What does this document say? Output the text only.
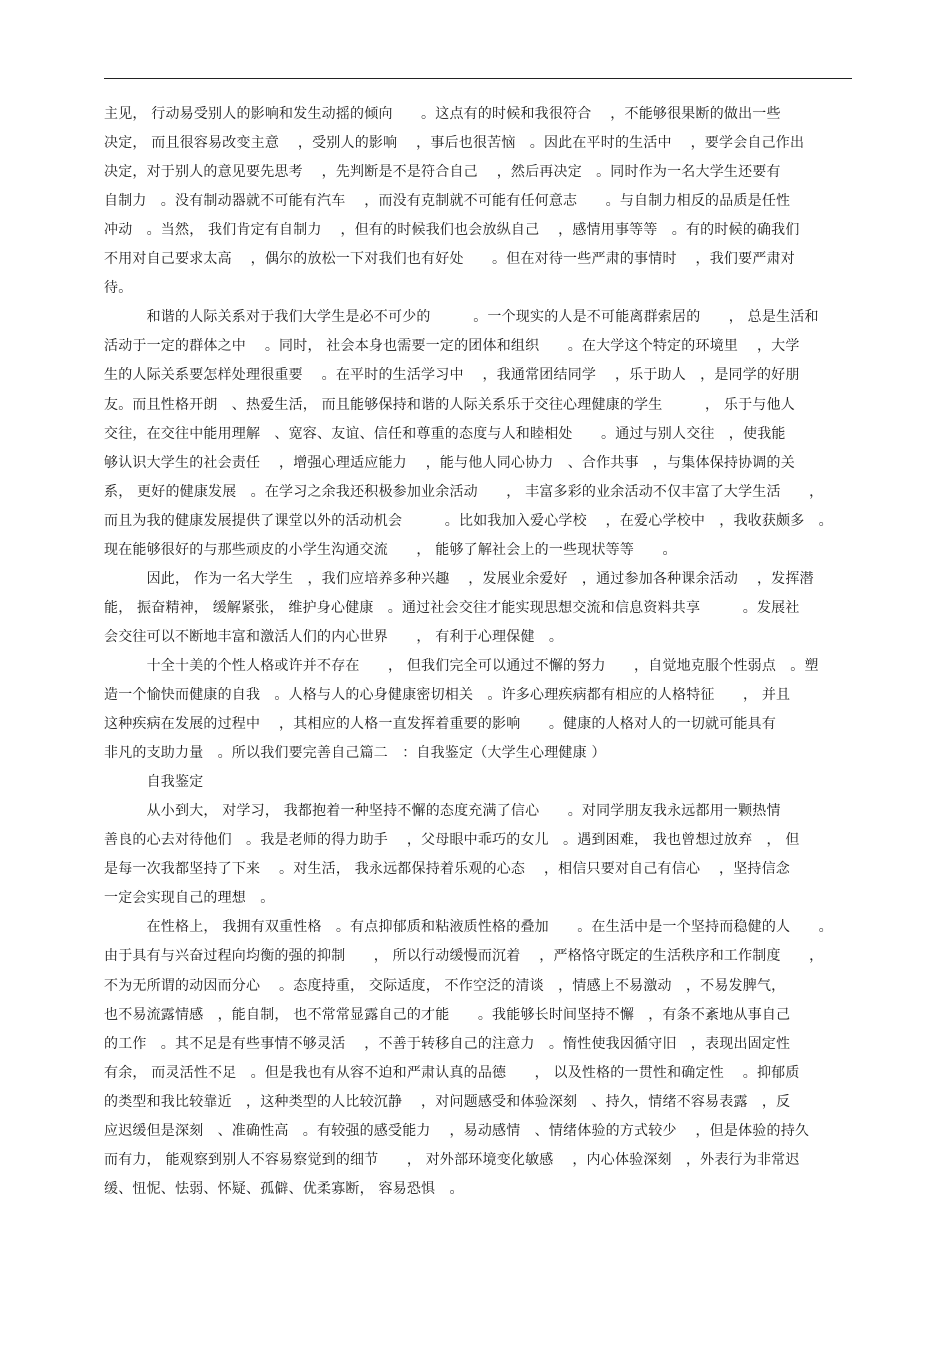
主见， 行动易受别人的影响和发生动摇的倾向　　。这点有的时候和我很符合　 ，不能够很果断的做出一些
决定， 而且很容易改变主意　 ，受别人的影响　 ，事后也很苦恼　。因此在平时的生活中　 ，要学会自己作出
决定，对于别人的意见要先思考　 ，先判断是不是符合自己　 ，然后再决定　。同时作为一名大学生还要有
自制力　。没有制动器就不可能有汽车　 ，而没有克制就不可能有任何意志　　。与自制力相反的品质是任性
冲动　。当然， 我们肯定有自制力　 ，但有的时候我们也会放纵自己　 ，感情用事等等　。有的时候的确我们
不用对自己要求太高　 ，偶尔的放松一下对我们也有好处　　。但在对待一些严肃的事情时　 ，我们要严肃对
待。
　　　和谐的人际关系对于我们大学生是必不可少的　　　。一个现实的人是不可能离群索居的　　， 总是生活和
活动于一定的群体之中　 。同时， 社会本身也需要一定的团体和组织　　。在大学这个特定的环境里　 ，大学
生的人际关系要怎样处理很重要　 。在平时的生活学习中　 ，我通常团结同学　 ，乐于助人　，是同学的好朋
友。而且性格开朗　、热爱生活， 而且能够保持和谐的人际关系乐于交往心理健康的学生　　　， 乐于与他人
交往，在交往中能用理解　、宽容、友谊、信任和尊重的态度与人和睦相处　　。通过与别人交往　，使我能
够认识大学生的社会责任　 ，增强心理适应能力　 ，能与他人同心协力　、合作共事　，与集体保持协调的关
系， 更好的健康发展　。在学习之余我还积极参加业余活动　　， 丰富多彩的业余活动不仅丰富了大学生活　　，
而且为我的健康发展提供了课堂以外的活动机会　　　。比如我加入爱心学校　 ，在爱心学校中　，我收获颇多　。
现在能够很好的与那些顽皮的小学生沟通交流　　， 能够了解社会上的一些现状等等　　。
　　　因此， 作为一名大学生　，我们应培养多种兴趣　 ，发展业余爱好　，通过参加各种课余活动　 ，发挥潜
能， 振奋精神， 缓解紧张， 维护身心健康　。通过社会交往才能实现思想交流和信息资料共享　　　。发展社
会交往可以不断地丰富和激活人们的内心世界　　， 有利于心理保健　。
　　　十全十美的个性人格或许并不存在　　， 但我们完全可以通过不懈的努力　　，自觉地克服个性弱点　。塑
造一个愉快而健康的自我　。人格与人的心身健康密切相关　。许多心理疾病都有相应的人格特征　　， 并且
这种疾病在发展的过程中　 ，其相应的人格一直发挥着重要的影响　　。健康的人格对人的一切就可能具有
非凡的支助力量　。所以我们要完善自己篇二　：自我鉴定（大学生心理健康 ）
　　　自我鉴定
　　　从小到大， 对学习， 我都抱着一种坚持不懈的态度充满了信心　　。对同学朋友我永远都用一颗热情
善良的心去对待他们　。我是老师的得力助手　 ，父母眼中乖巧的女儿　。遇到困难， 我也曾想过放弃　， 但
是每一次我都坚持了下来　 。对生活， 我永远都保持着乐观的心态　 ，相信只要对自己有信心　 ，坚持信念
一定会实现自己的理想　。
　　　在性格上， 我拥有双重性格　。有点抑郁质和粘液质性格的叠加　　。在生活中是一个坚持而稳健的人　　。
由于具有与兴奋过程向均衡的强的抑制　　， 所以行动缓慢而沉着　 ，严格恪守既定的生活秩序和工作制度　　，
不为无所谓的动因而分心　 。态度持重， 交际适度， 不作空泛的清谈　，情感上不易激动　，不易发脾气，
也不易流露情感　，能自制， 也不常常显露自己的才能　　。我能够长时间坚持不懈　，有条不紊地从事自己
的工作　。其不足是有些事情不够灵活　 ，不善于转移自己的注意力　。惰性使我因循守旧　，表现出固定性
有余， 而灵活性不足　。但是我也有从容不迫和严肃认真的品德　　， 以及性格的一贯性和确定性　 。抑郁质
的类型和我比较靠近　，这种类型的人比较沉静　 ，对问题感受和体验深刻　、持久，情绪不容易表露　，反
应迟缓但是深刻　、准确性高　。有较强的感受能力　 ，易动感情　、情绪体验的方式较少　 ，但是体验的持久
而有力， 能观察到别人不容易察觉到的细节　　， 对外部环境变化敏感　 ，内心体验深刻　，外表行为非常迟
缓、忸怩、怯弱、怀疑、孤僻、优柔寡断， 容易恐惧　。
